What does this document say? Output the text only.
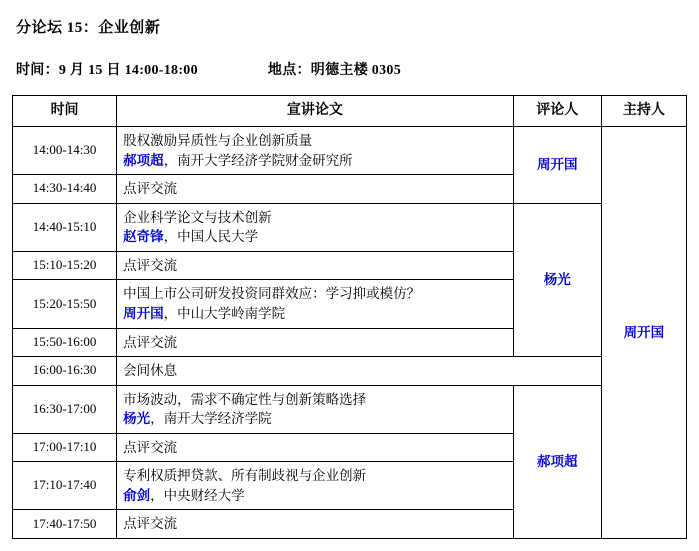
分论坛 15：企业创新
时间：9 月 15 日 14:00-18:00	地点：明德主楼 0305
时间	宣讲论文	评论人	主持人
14:00-14:30	股权激励异质性与企业创新质量
郝项超，南开大学经济学院财金研究所	周开国	周开国
14:30-14:40	点评交流		
14:40-15:10	企业科学论文与技术创新
赵奇锋，中国人民大学	杨光	
15:10-15:20	点评交流		
15:20-15:50	中国上市公司研发投资同群效应：学习抑或模仿？
周开国，中山大学岭南学院		

15:50-16:00	点评交流		
16:00-16:30	会间休息		
16:30-17:00	市场波动，需求不确定性与创新策略选择
杨光，南开大学经济学院	郝项超	
17:00-17:10	点评交流		
17:10-17:40	专利权质押贷款、所有制歧视与企业创新
俞剑，中央财经大学		

17:40-17:50	点评交流		
